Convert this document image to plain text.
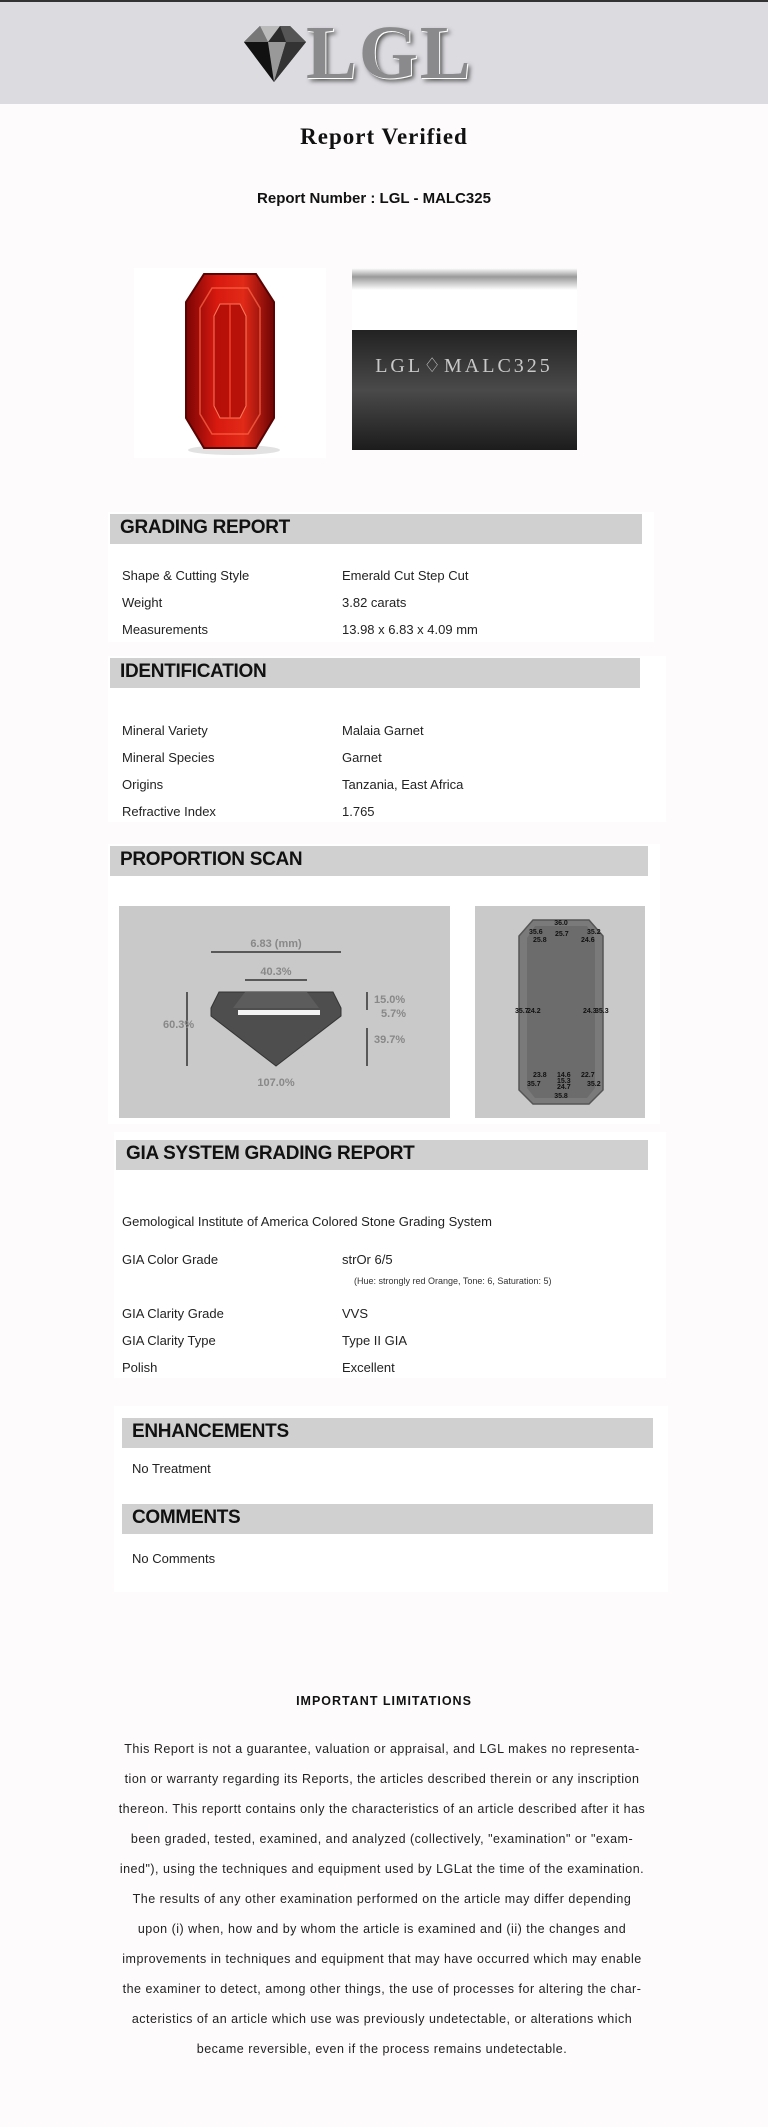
LGL
Report Verified
Report Number : LGL - MALC325
LGL♢MALC325
GRADING REPORT
Shape & Cutting Style	Emerald Cut Step Cut
Weight	3.82 carats
Measurements	13.98 x 6.83 x 4.09 mm
IDENTIFICATION
Mineral Variety	Malaia Garnet
Mineral Species	Garnet
Origins	Tanzania, East Africa
Refractive Index	1.765
PROPORTION SCAN
6.83 (mm)
40.3%
60.3%
15.0%
5.7%
39.7%
107.0%
36.0
35.6 25.7	35.2
25.8	24.6
35.7
24.2	24.3
35.3
23.8 14.6
15.3
24.7
22.7
35.7	35.2
35.8
GIA SYSTEM GRADING REPORT
Gemological Institute of America Colored Stone Grading System
GIA Color Grade	strOr 6/5
(Hue: strongly red Orange, Tone: 6, Saturation: 5)
GIA Clarity Grade	VVS
GIA Clarity Type	Type II GIA
Polish	Excellent
ENHANCEMENTS
COMMENTS
No Treatment
No Comments
IMPORTANT LIMITATIONS
This Report is not a guarantee, valuation or appraisal, and LGL makes no representa-
tion or warranty regarding its Reports, the articles described therein or any inscription
thereon. This reportt contains only the characteristics of an article described after it has
been graded, tested, examined, and analyzed (collectively, "examination" or "exam-
ined"), using the techniques and equipment used by LGLat the time of the examination.
The results of any other examination performed on the article may differ depending
upon (i) when, how and by whom the article is examined and (ii) the changes and
improvements in techniques and equipment that may have occurred which may enable
the examiner to detect, among other things, the use of processes for altering the char-
acteristics of an article which use was previously undetectable, or alterations which
became reversible, even if the process remains undetectable.
